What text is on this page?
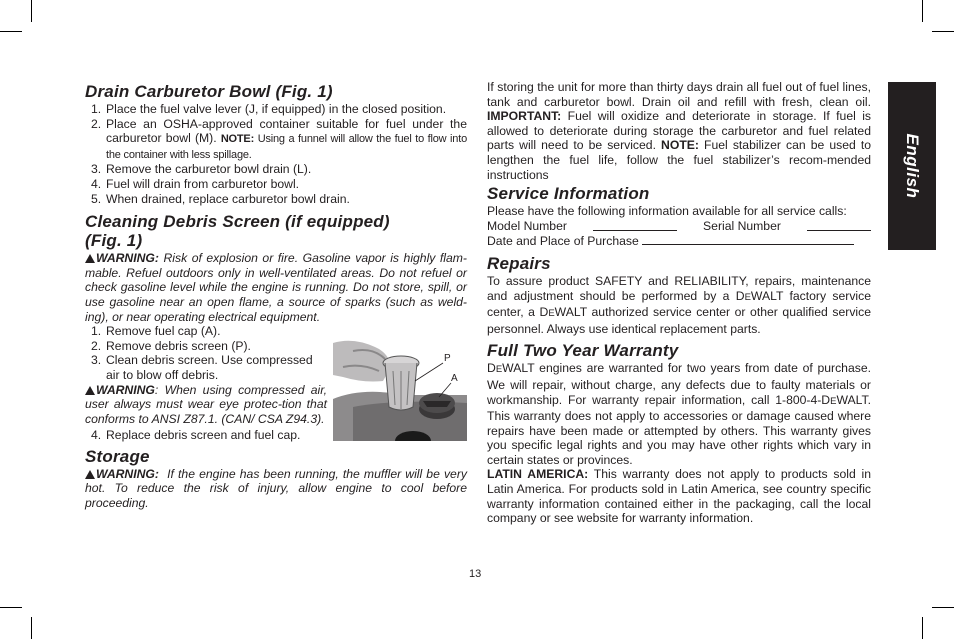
Drain Carburetor Bowl (Fig. 1)
1. Place the fuel valve lever (J, if equipped) in the closed position.
2. Place an OSHA-approved container suitable for fuel under the carburetor bowl (M). NOTE: Using a funnel will allow the fuel to flow into the container with less spillage.
3. Remove the carburetor bowl drain (L).
4. Fuel will drain from carburetor bowl.
5. When drained, replace carburetor bowl drain.
Cleaning Debris Screen (if equipped)
(Fig. 1)

WARNING: Risk of explosion or fire. Gasoline vapor is highly flam-mable. Refuel outdoors only in well-ventilated areas. Do not refuel or check gasoline level while the engine is running. Do not store, spill, or use gasoline near an open flame, a source of sparks (such as weld-ing), or near operating electrical equipment.

1. Remove fuel cap (A).
2. Remove debris screen (P).
3. Clean debris screen. Use compressed air to blow off debris.

WARNING: When using compressed air, user always must wear eye protec-tion that conforms to ANSI Z87.1. (CAN/ CSA Z94.3).

4. Replace debris screen and fuel cap.
Storage

WARNING: If the engine has been running, the muffler will be very hot. To reduce the risk of injury, allow engine to cool before proceeding.

P
A

If storing the unit for more than thirty days drain all fuel out of fuel lines, tank and carburetor bowl. Drain oil and refill with fresh, clean oil. IMPORTANT: Fuel will oxidize and deteriorate in storage. If fuel is allowed to deteriorate during storage the carburetor and fuel related parts will need to be serviced. NOTE: Fuel stabilizer can be used to lengthen the fuel life, follow the fuel stabilizer’s recom-mended instructions

Service Information

Please have the following information available for all service calls:

Model Number	Serial Number
Date and Place of Purchase
Repairs

To assure product SAFETY and RELIABILITY, repairs, maintenance and adjustment should be performed by a DEWALT factory service center, a DEWALT authorized service center or other qualified service personnel. Always use identical replacement parts.

Full Two Year Warranty

DEWALT engines are warranted for two years from date of purchase. We will repair, without charge, any defects due to faulty materials or workmanship. For warranty repair information, call 1-800-4-DEWALT. This warranty does not apply to accessories or damage caused where repairs have been made or attempted by others. This warranty gives you specific legal rights and you may have other rights which vary in certain states or provinces.

LATIN AMERICA: This warranty does not apply to products sold in Latin America. For products sold in Latin America, see country specific warranty information contained either in the packaging, call the local company or see website for warranty information.

English
13
